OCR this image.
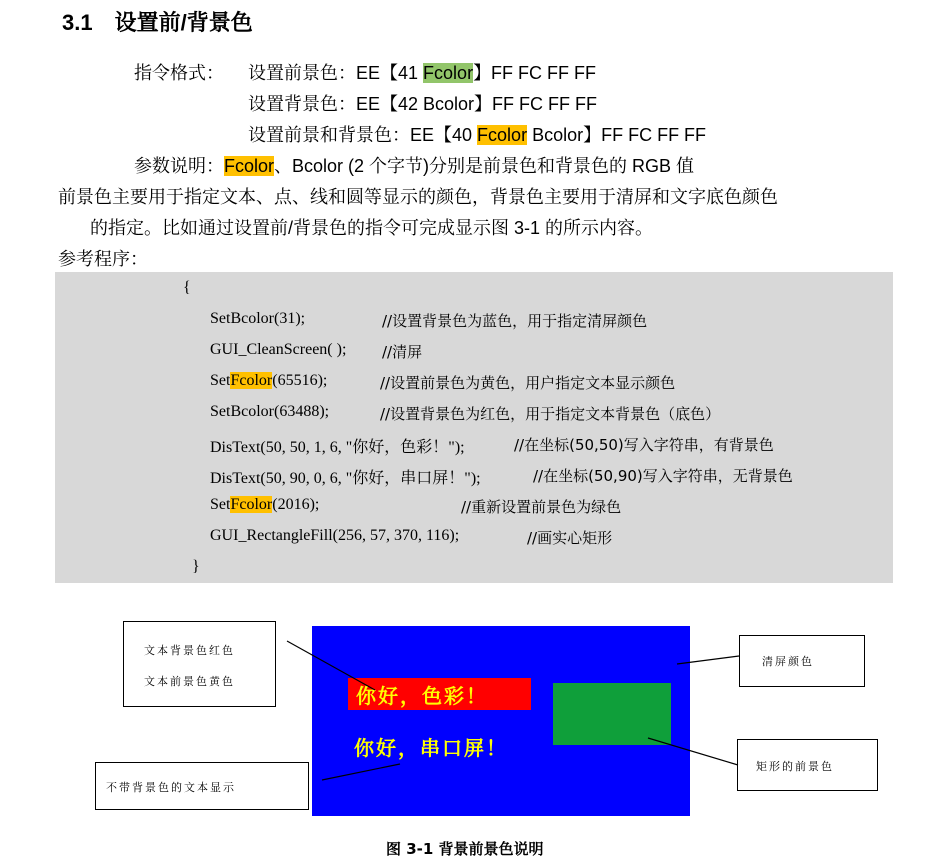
3.1 设置前/背景色
指令格式： 设置前景色：EE【41 Fcolor】FF FC FF FF
设置背景色：EE【42 Bcolor】FF FC FF FF
设置前景和背景色：EE【40 Fcolor Bcolor】FF FC FF FF
参数说明：Fcolor、Bcolor (2 个字节)分别是前景色和背景色的 RGB 值
前景色主要用于指定文本、点、线和圆等显示的颜色，背景色主要用于清屏和文字底色颜色
的指定。比如通过设置前/背景色的指令可完成显示图 3-1 的所示内容。
参考程序：
{
SetBcolor(31);	//设置背景色为蓝色，用于指定清屏颜色
GUI_CleanScreen( ); //清屏
SetFcolor(65516);	//设置前景色为黄色，用户指定文本显示颜色
SetBcolor(63488);	//设置背景色为红色，用于指定文本背景色（底色）
DisText(50, 50, 1, 6, "你好，色彩！");	//在坐标(50,50)写入字符串，有背景色
DisText(50, 90, 0, 6, "你好，串口屏！");	//在坐标(50,90)写入字符串，无背景色
SetFcolor(2016);	//重新设置前景色为绿色
GUI_RectangleFill(256, 57, 370, 116);	//画实心矩形
}
你好，色彩！
你好，串口屏！
文本背景色红色
文本前景色黄色
不带背景色的文本显示
清屏颜色
矩形的前景色
图 3-1 背景前景色说明
